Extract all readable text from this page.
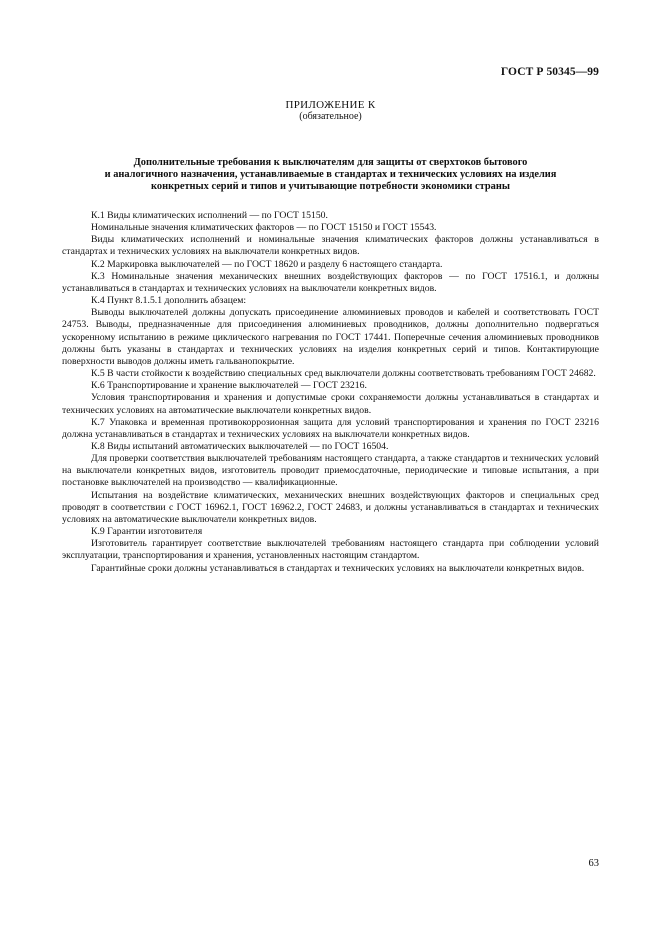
ГОСТ Р 50345—99
ПРИЛОЖЕНИЕ К
(обязательное)
Дополнительные требования к выключателям для защиты от сверхтоков бытового
и аналогичного назначения, устанавливаемые в стандартах и технических условиях на изделия
конкретных серий и типов и учитывающие потребности экономики страны

К.1 Виды климатических исполнений — по ГОСТ 15150.

Номинальные значения климатических факторов — по ГОСТ 15150 и ГОСТ 15543.

Виды климатических исполнений и номинальные значения климатических факторов должны устанавливаться в стандартах и технических условиях на выключатели конкретных видов.

К.2 Маркировка выключателей — по ГОСТ 18620 и разделу 6 настоящего стандарта.

К.3 Номинальные значения механических внешних воздействующих факторов — по ГОСТ 17516.1, и должны устанавливаться в стандартах и технических условиях на выключатели конкретных видов.

К.4 Пункт 8.1.5.1 дополнить абзацем:

Выводы выключателей должны допускать присоединение алюминиевых проводов и кабелей и соответствовать ГОСТ 24753. Выводы, предназначенные для присоединения алюминиевых проводников, должны дополнительно подвергаться ускоренному испытанию в режиме циклического нагревания по ГОСТ 17441. Поперечные сечения алюминиевых проводников должны быть указаны в стандартах и технических условиях на изделия конкретных серий и типов. Контактирующие поверхности выводов должны иметь гальванопокрытие.

К.5 В части стойкости к воздействию специальных сред выключатели должны соответствовать требованиям ГОСТ 24682.

К.6 Транспортирование и хранение выключателей — ГОСТ 23216.

Условия транспортирования и хранения и допустимые сроки сохраняемости должны устанавливаться в стандартах и технических условиях на автоматические выключатели конкретных видов.

К.7 Упаковка и временная противокоррозионная защита для условий транспортирования и хранения по ГОСТ 23216 должна устанавливаться в стандартах и технических условиях на выключатели конкретных видов.

К.8 Виды испытаний автоматических выключателей — по ГОСТ 16504.

Для проверки соответствия выключателей требованиям настоящего стандарта, а также стандартов и технических условий на выключатели конкретных видов, изготовитель проводит приемосдаточные, периодические и типовые испытания, а при постановке выключателей на производство — квалификационные.

Испытания на воздействие климатических, механических внешних воздействующих факторов и специальных сред проводят в соответствии с ГОСТ 16962.1, ГОСТ 16962.2, ГОСТ 24683, и должны устанавливаться в стандартах и технических условиях на автоматические выключатели конкретных видов.

К.9 Гарантии изготовителя

Изготовитель гарантирует соответствие выключателей требованиям настоящего стандарта при соблюдении условий эксплуатации, транспортирования и хранения, установленных настоящим стандартом.

Гарантийные сроки должны устанавливаться в стандартах и технических условиях на выключатели конкретных видов.

63
